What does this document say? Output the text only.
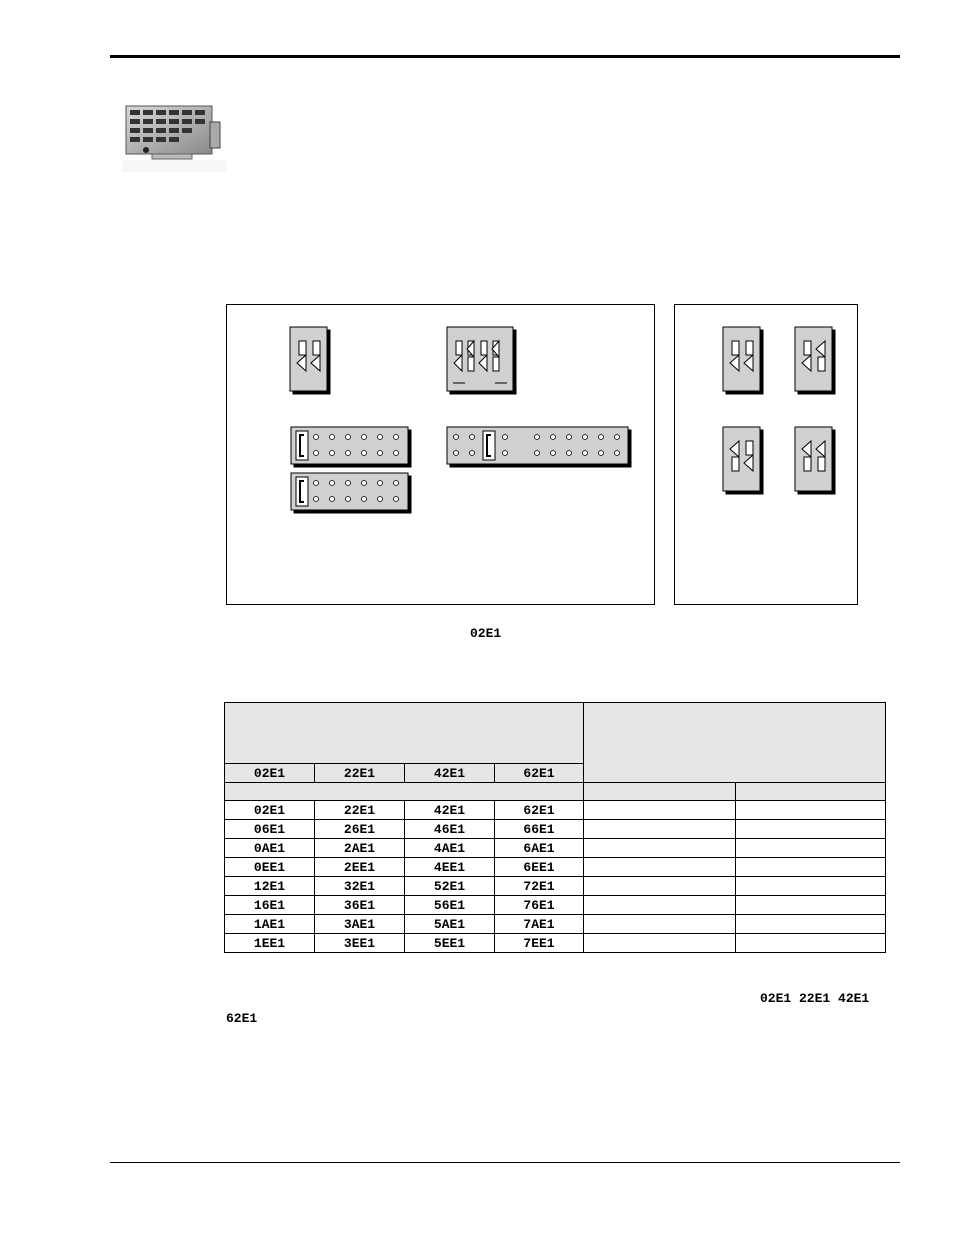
02E1

02E1	22E1	42E1	62E1		

02E1	22E1	42E1	62E1		
06E1	26E1	46E1	66E1		
0AE1	2AE1	4AE1	6AE1		
0EE1	2EE1	4EE1	6EE1		
12E1	32E1	52E1	72E1		
16E1	36E1	56E1	76E1		
1AE1	3AE1	5AE1	7AE1		
1EE1	3EE1	5EE1	7EE1		
02E1 22E1 42E1
62E1
